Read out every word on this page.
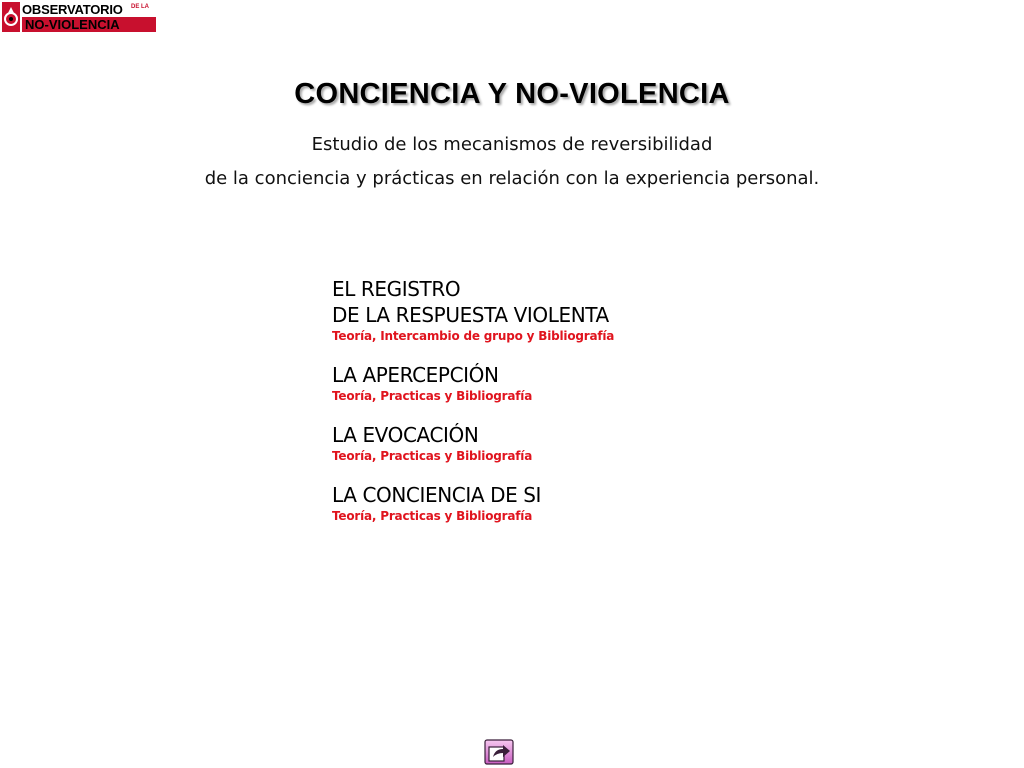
OBSERVATORIO DE LA
NO-VIOLENCIA
CONCIENCIA Y NO-VIOLENCIA
Estudio de los mecanismos de reversibilidad
de la conciencia y prácticas en relación con la experiencia personal.
EL REGISTRO
DE LA RESPUESTA VIOLENTA
Teoría, Intercambio de grupo y Bibliografía
LA APERCEPCIÓN
Teoría, Practicas y Bibliografía
LA EVOCACIÓN
Teoría, Practicas y Bibliografía
LA CONCIENCIA DE SI
Teoría, Practicas y Bibliografía
